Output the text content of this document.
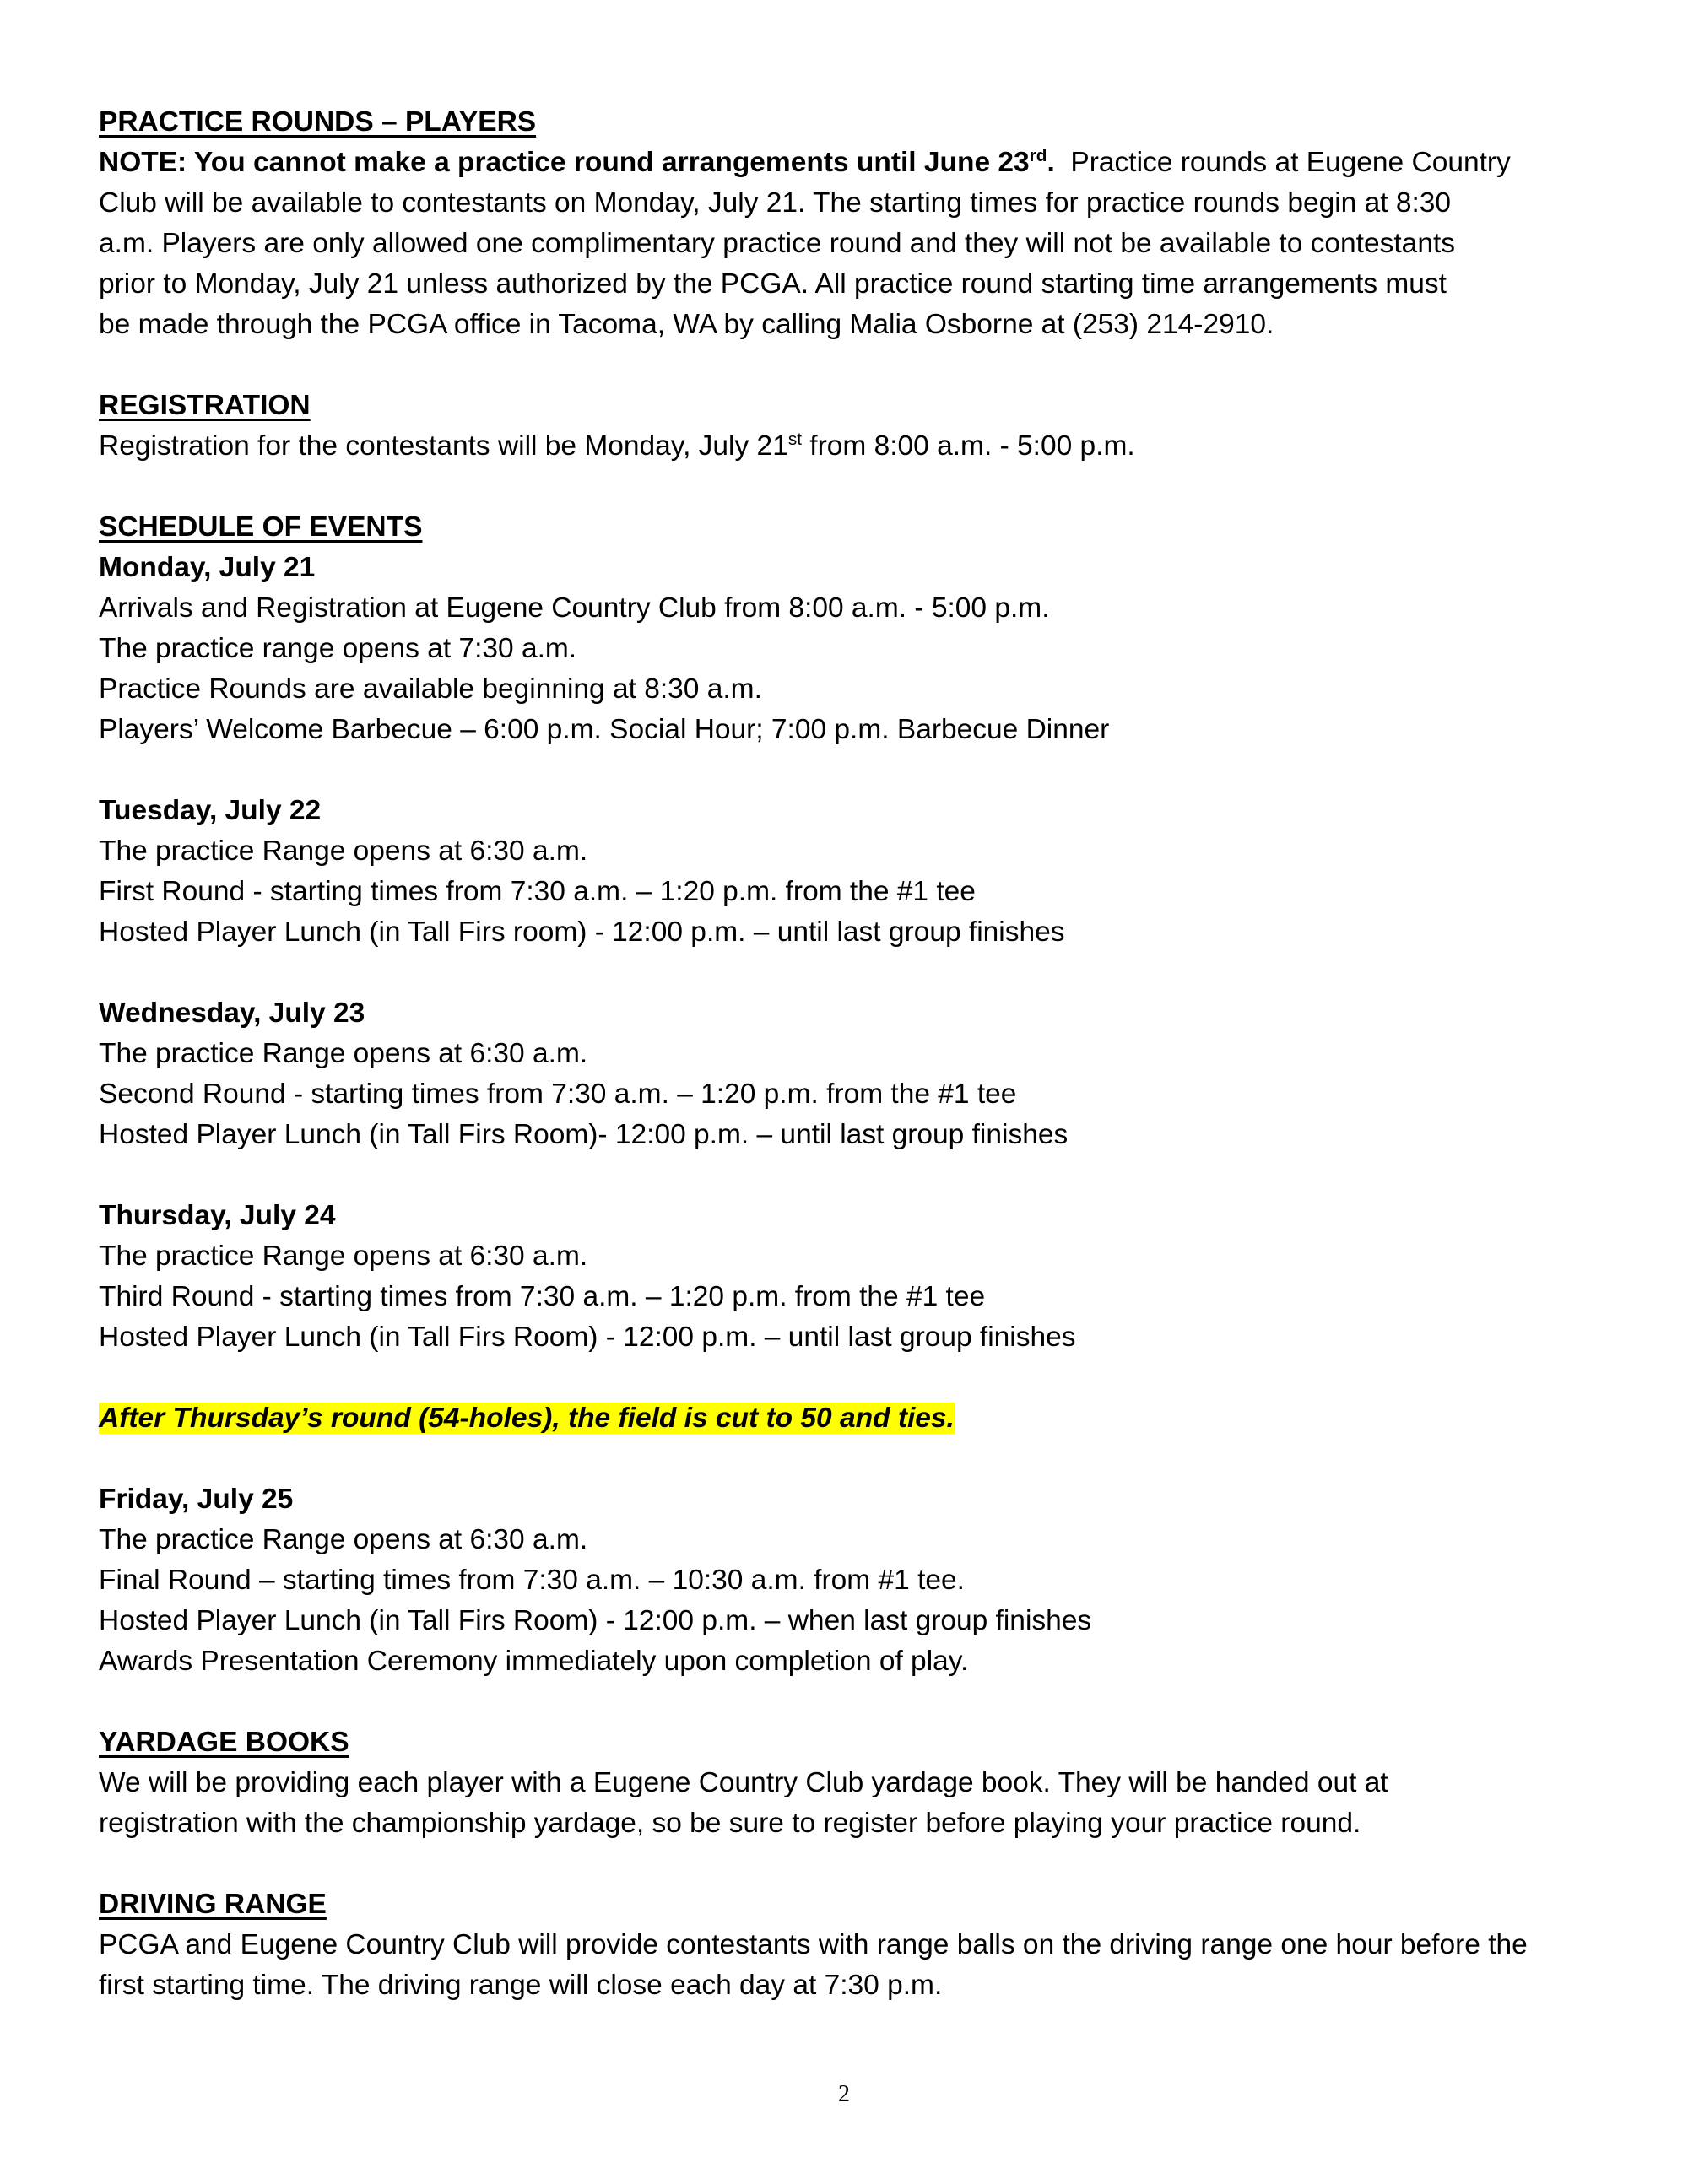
PRACTICE ROUNDS – PLAYERS
NOTE: You cannot make a practice round arrangements until June 23rd. Practice rounds at Eugene Country
Club will be available to contestants on Monday, July 21. The starting times for practice rounds begin at 8:30
a.m. Players are only allowed one complimentary practice round and they will not be available to contestants
prior to Monday, July 21 unless authorized by the PCGA. All practice round starting time arrangements must
be made through the PCGA office in Tacoma, WA by calling Malia Osborne at (253) 214-2910.
REGISTRATION
Registration for the contestants will be Monday, July 21st from 8:00 a.m. - 5:00 p.m.
SCHEDULE OF EVENTS
Monday, July 21
Arrivals and Registration at Eugene Country Club from 8:00 a.m. - 5:00 p.m.
The practice range opens at 7:30 a.m.
Practice Rounds are available beginning at 8:30 a.m.
Players’ Welcome Barbecue – 6:00 p.m. Social Hour; 7:00 p.m. Barbecue Dinner
Tuesday, July 22
The practice Range opens at 6:30 a.m.
First Round - starting times from 7:30 a.m. – 1:20 p.m. from the #1 tee
Hosted Player Lunch (in Tall Firs room) - 12:00 p.m. – until last group finishes
Wednesday, July 23
The practice Range opens at 6:30 a.m.
Second Round - starting times from 7:30 a.m. – 1:20 p.m. from the #1 tee
Hosted Player Lunch (in Tall Firs Room)- 12:00 p.m. – until last group finishes
Thursday, July 24
The practice Range opens at 6:30 a.m.
Third Round - starting times from 7:30 a.m. – 1:20 p.m. from the #1 tee
Hosted Player Lunch (in Tall Firs Room) - 12:00 p.m. – until last group finishes
After Thursday’s round (54-holes), the field is cut to 50 and ties.
Friday, July 25
The practice Range opens at 6:30 a.m.
Final Round – starting times from 7:30 a.m. – 10:30 a.m. from #1 tee.
Hosted Player Lunch (in Tall Firs Room) - 12:00 p.m. – when last group finishes
Awards Presentation Ceremony immediately upon completion of play.
YARDAGE BOOKS
We will be providing each player with a Eugene Country Club yardage book. They will be handed out at
registration with the championship yardage, so be sure to register before playing your practice round.
DRIVING RANGE
PCGA and Eugene Country Club will provide contestants with range balls on the driving range one hour before the
first starting time. The driving range will close each day at 7:30 p.m.
2
